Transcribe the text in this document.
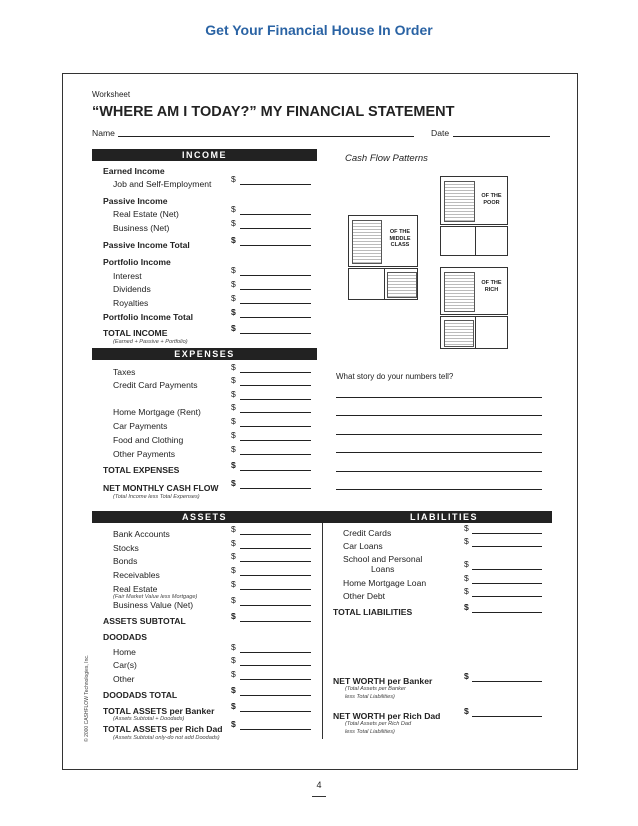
Get Your Financial House In Order
© 2000 CASHFLOW Technologies, Inc.
Worksheet
“WHERE AM I TODAY?” MY FINANCIAL STATEMENT
Name	Date
INCOME
Earned Income
Job and Self-Employment
Passive Income
Real Estate (Net)
Business (Net)
Passive Income Total
Portfolio Income
Interest
Dividends
Royalties
Portfolio Income Total
TOTAL INCOME
(Earned + Passive + Portfolio)
EXPENSES
Taxes
Credit Card Payments
Home Mortgage (Rent)
Car Payments
Food and Clothing
Other Payments
TOTAL EXPENSES
NET MONTHLY CASH FLOW
(Total Income less Total Expenses)
Cash Flow Patterns
OF THE POOR
OF THE MIDDLE CLASS
OF THE RICH
What story do your numbers tell?
ASSETS	LIABILITIES
Bank Accounts
Stocks
Bonds
Receivables
Real Estate
(Fair Market Value less Mortgage)
Business Value (Net)
ASSETS SUBTOTAL
DOODADS
Home
Car(s)
Other
DOODADS TOTAL
TOTAL ASSETS per Banker
(Assets Subtotal + Doodads)
TOTAL ASSETS per Rich Dad
(Assets Subtotal only-do not add Doodads)
Credit Cards
Car Loans
School and Personal
Loans
Home Mortgage Loan
Other Debt
TOTAL LIABILITIES
NET WORTH per Banker
(Total Assets per Banker
less Total Liabilities)
NET WORTH per Rich Dad
(Total Assets per Rich Dad
less Total Liabilities)
4
$
$
$
$
$
$
$
$
$
$
$
$
$
$
$
$
$
$
$
$
$
$
$
$
$
$
$
$
$
$
$
$
$
$
$
$
$
$
$
